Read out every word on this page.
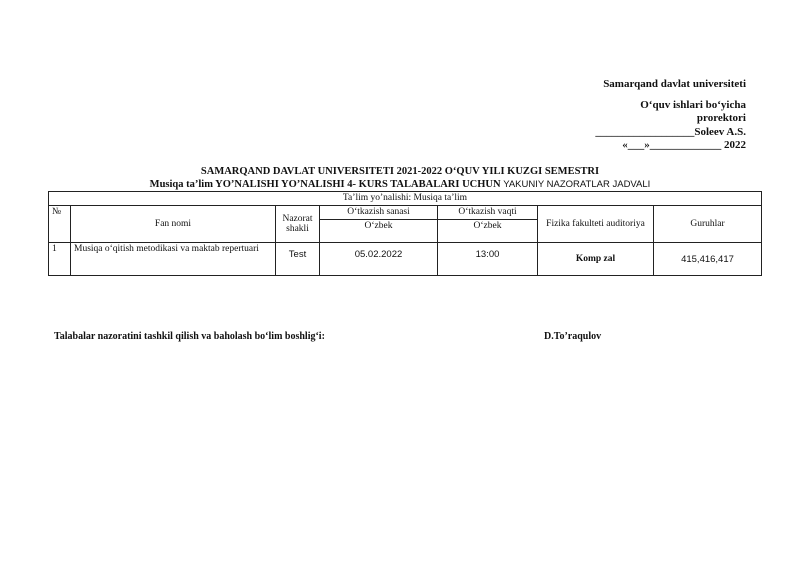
Samarqand davlat universiteti
O‘quv ishlari bo‘yicha
prorektori
__________________Soleev A.S.
«___»_____________ 2022
SAMARQAND DAVLAT UNIVERSITETI 2021-2022 O‘QUV YILI KUZGI SEMESTRI
Musiqa ta’lim YO’NALISHI YO’NALISHI 4- KURS TALABALARI UCHUN YAKUNIY NAZORATLAR JADVALI
Ta’lim yo’nalishi: Musiqa ta’lim						
№	Fan nomi	Nazorat shakli	O‘tkazish sanasi	O‘tkazish vaqti	Fizika fakulteti auditoriya	Guruhlar
			O‘zbek	O‘zbek		
1	Musiqa o‘qitish metodikasi va maktab repertuari	Test	05.02.2022	13:00	Komp zal	415,416,417
Talabalar nazoratini tashkil qilish va baholash bo‘lim boshlig‘i:	D.To’raqulov
